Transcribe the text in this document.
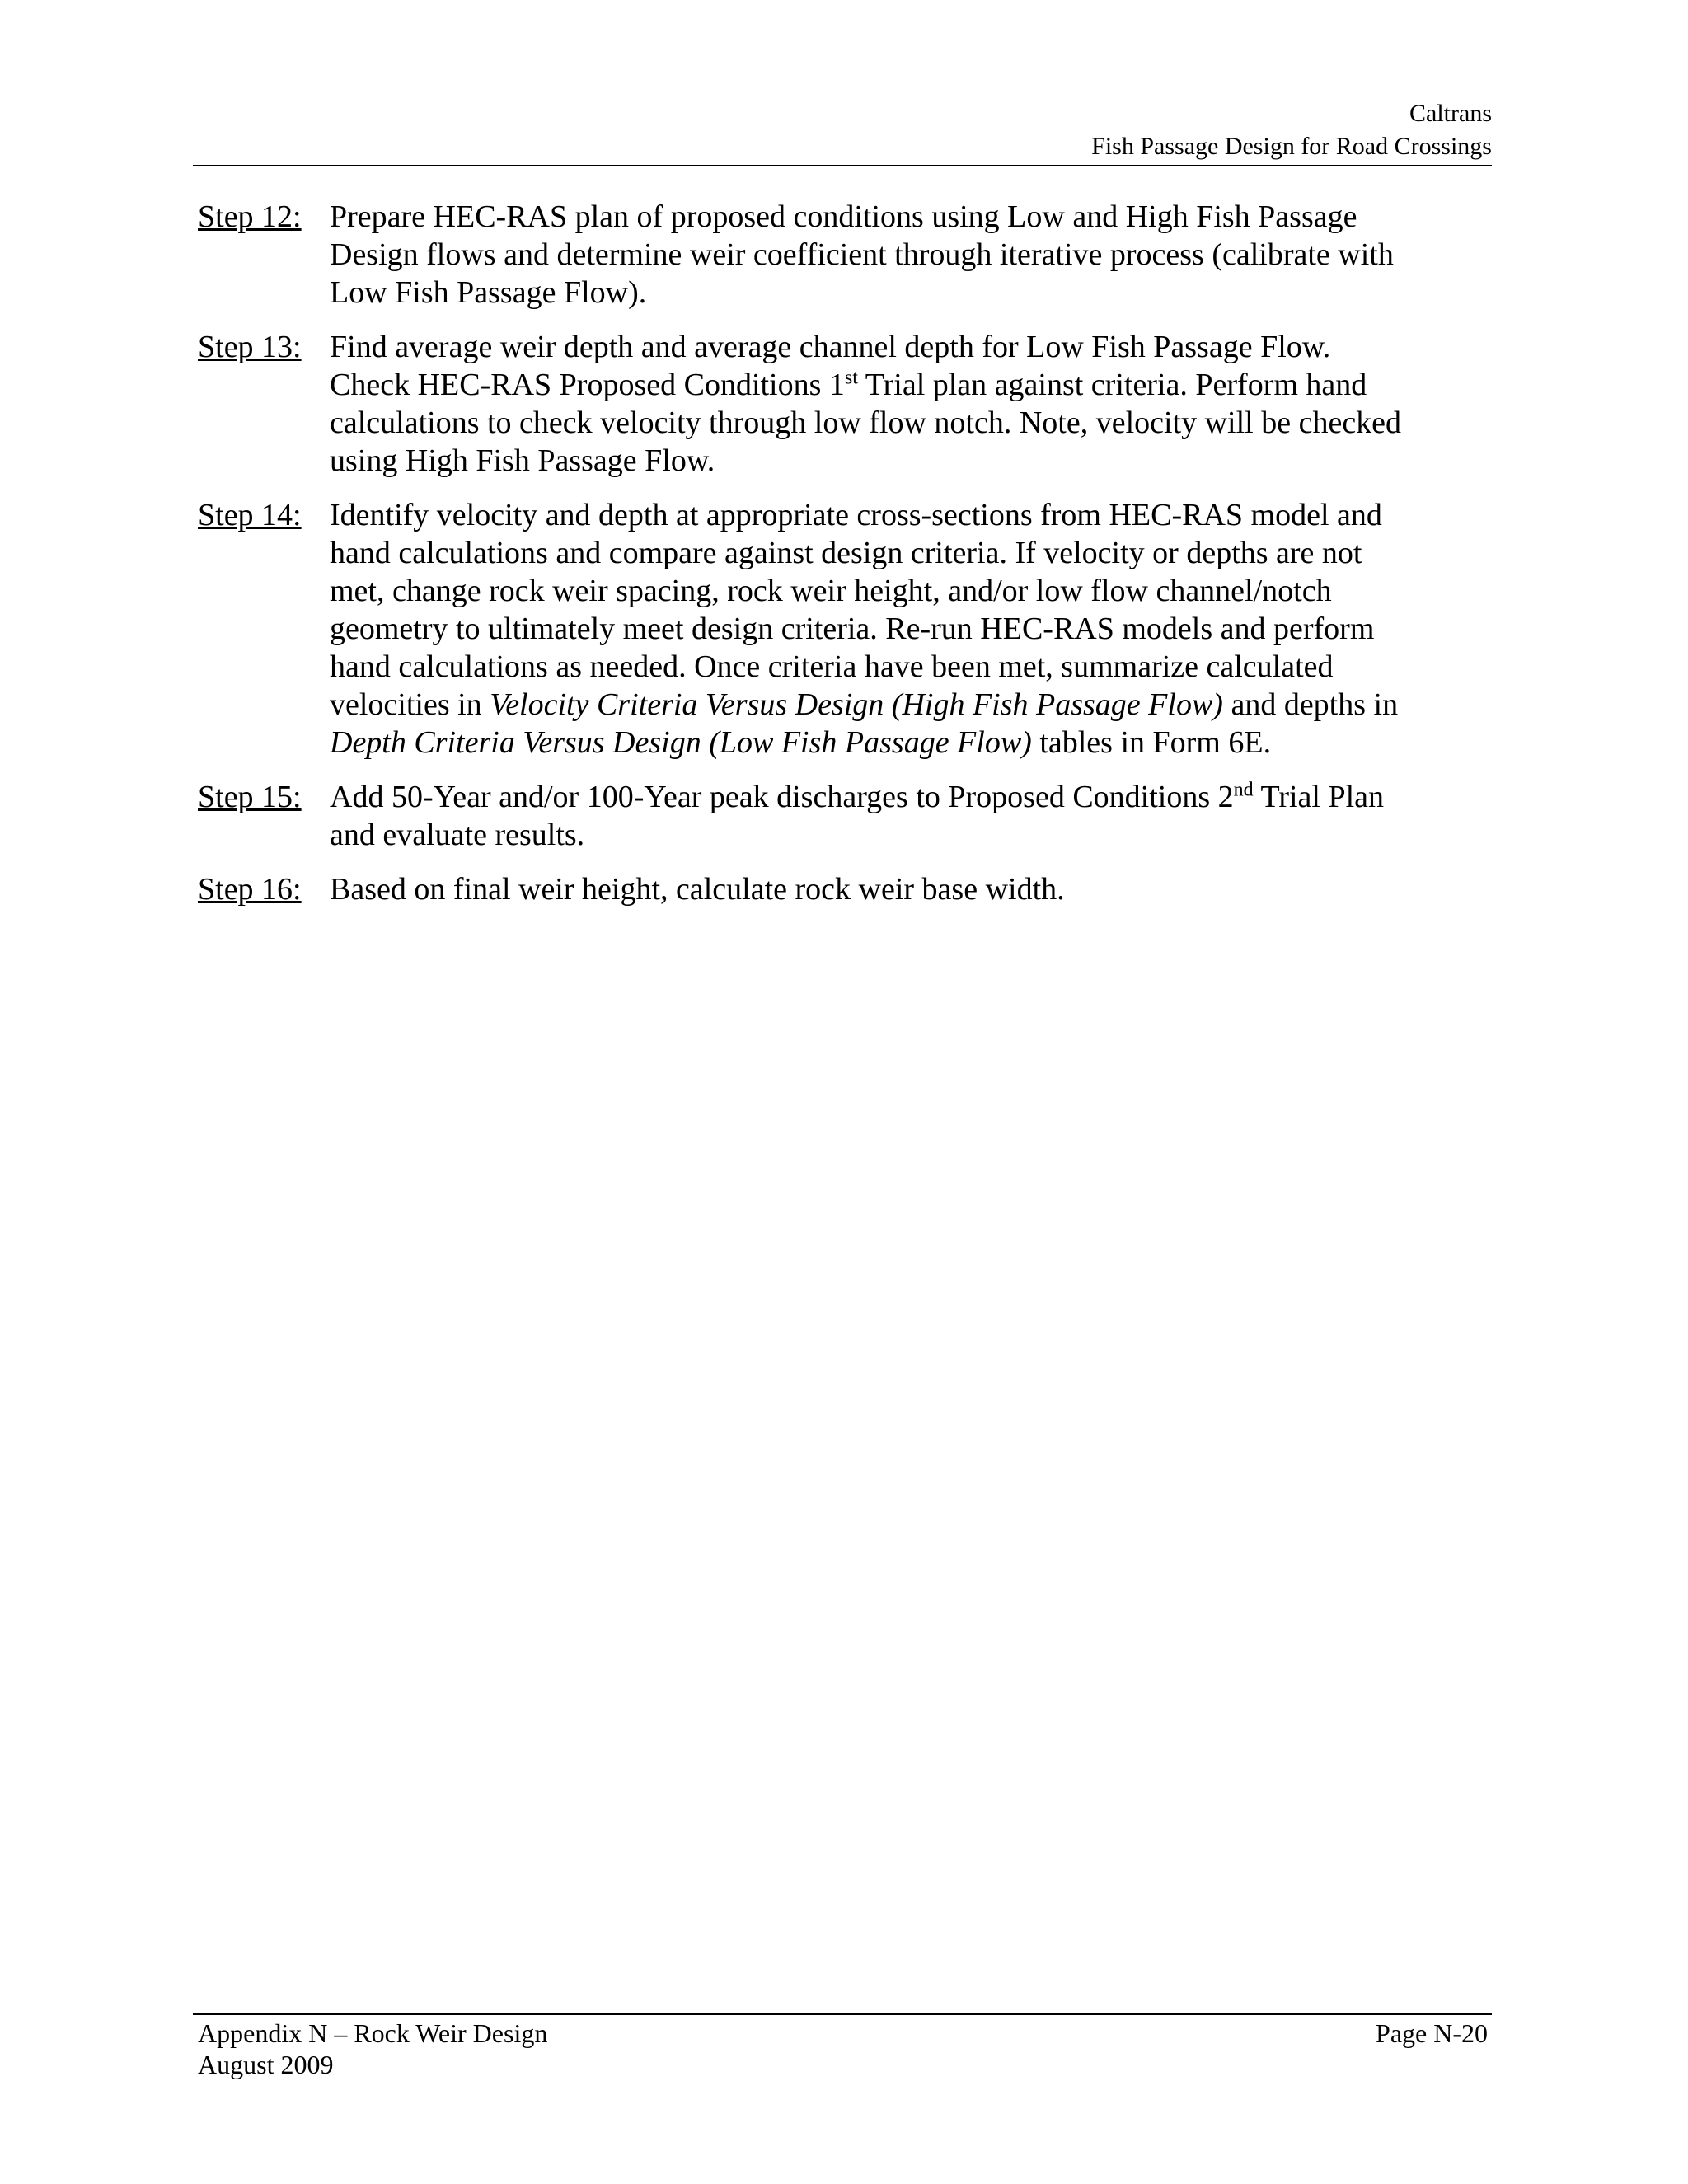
Caltrans
Fish Passage Design for Road Crossings
Step 12: Prepare HEC-RAS plan of proposed conditions using Low and High Fish Passage
Design flows and determine weir coefficient through iterative process (calibrate with
Low Fish Passage Flow).
Step 13: Find average weir depth and average channel depth for Low Fish Passage Flow.
Check HEC-RAS Proposed Conditions 1st Trial plan against criteria. Perform hand
calculations to check velocity through low flow notch. Note, velocity will be checked
using High Fish Passage Flow.
Step 14: Identify velocity and depth at appropriate cross-sections from HEC-RAS model and
hand calculations and compare against design criteria. If velocity or depths are not
met, change rock weir spacing, rock weir height, and/or low flow channel/notch
geometry to ultimately meet design criteria. Re-run HEC-RAS models and perform
hand calculations as needed. Once criteria have been met, summarize calculated
velocities in Velocity Criteria Versus Design (High Fish Passage Flow) and depths in
Depth Criteria Versus Design (Low Fish Passage Flow) tables in Form 6E.
Step 15: Add 50-Year and/or 100-Year peak discharges to Proposed Conditions 2nd Trial Plan
and evaluate results.
Step 16: Based on final weir height, calculate rock weir base width.
Appendix N – Rock Weir Design	Page N-20
August 2009
